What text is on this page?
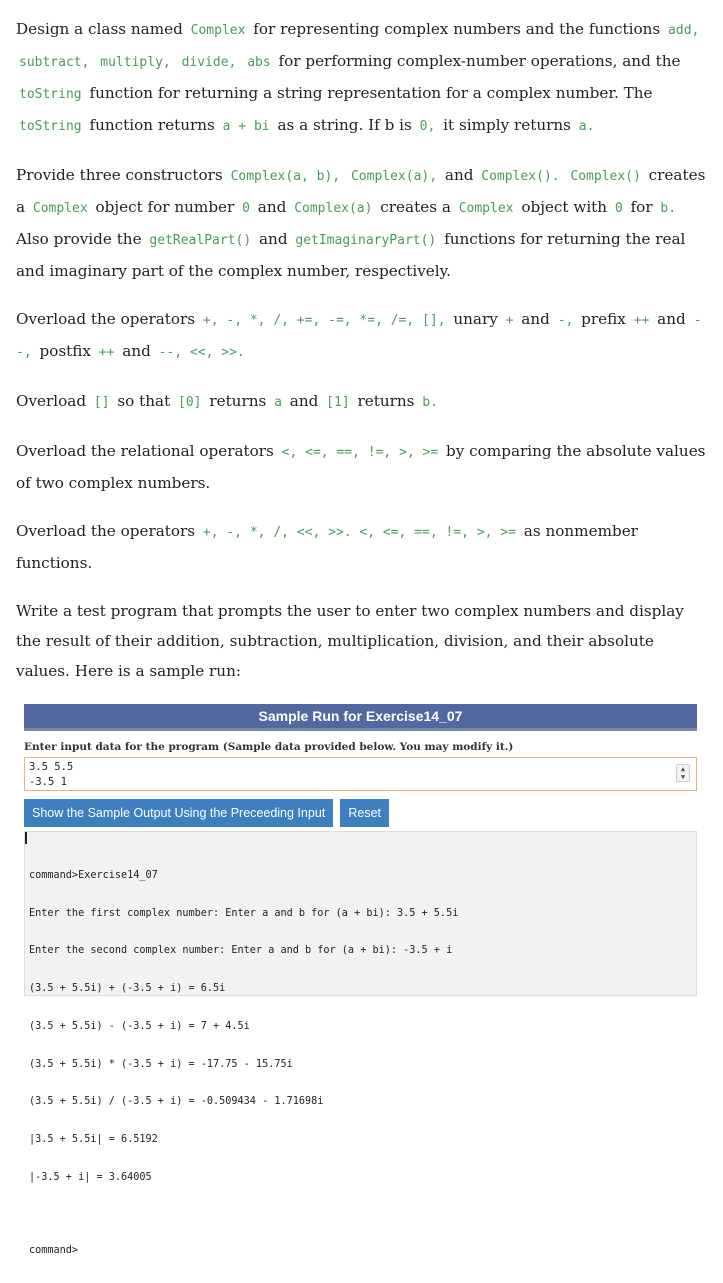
Design a class named Complex for representing complex numbers and the functions add, subtract, multiply, divide, abs for performing complex-number operations, and the toString function for returning a string representation for a complex number. The toString function returns a + bi as a string. If b is 0, it simply returns a.

Provide three constructors Complex(a, b), Complex(a), and Complex(). Complex() creates a Complex object for number 0 and Complex(a) creates a Complex object with 0 for b. Also provide the getRealPart() and getImaginaryPart() functions for returning the real and imaginary part of the complex number, respectively.

Overload the operators +, -, *, /, +=, -=, *=, /=, [], unary + and -, prefix ++ and --, postfix ++ and --, <<, >>.

Overload [] so that [0] returns a and [1] returns b.

Overload the relational operators <, <=, ==, !=, >, >= by comparing the absolute values of two complex numbers.

Overload the operators +, -, *, /, <<, >>. <, <=, ==, !=, >, >= as nonmember functions.

Write a test program that prompts the user to enter two complex numbers and display the result of their addition, subtraction, multiplication, division, and their absolute values. Here is a sample run:

Sample Run for Exercise14_07
Enter input data for the program (Sample data provided below. You may modify it.)
3.5 5.5
-3.5 1
▲
▼
Show the Sample Output Using the Preceeding Input Reset

command>Exercise14_07

Enter the first complex number: Enter a and b for (a + bi): 3.5 + 5.5i

Enter the second complex number: Enter a and b for (a + bi): -3.5 + i

(3.5 + 5.5i) + (-3.5 + i) = 6.5i

(3.5 + 5.5i) - (-3.5 + i) = 7 + 4.5i

(3.5 + 5.5i) * (-3.5 + i) = -17.75 - 15.75i

(3.5 + 5.5i) / (-3.5 + i) = -0.509434 - 1.71698i

|3.5 + 5.5i| = 6.5192

|-3.5 + i| = 3.64005

command>
